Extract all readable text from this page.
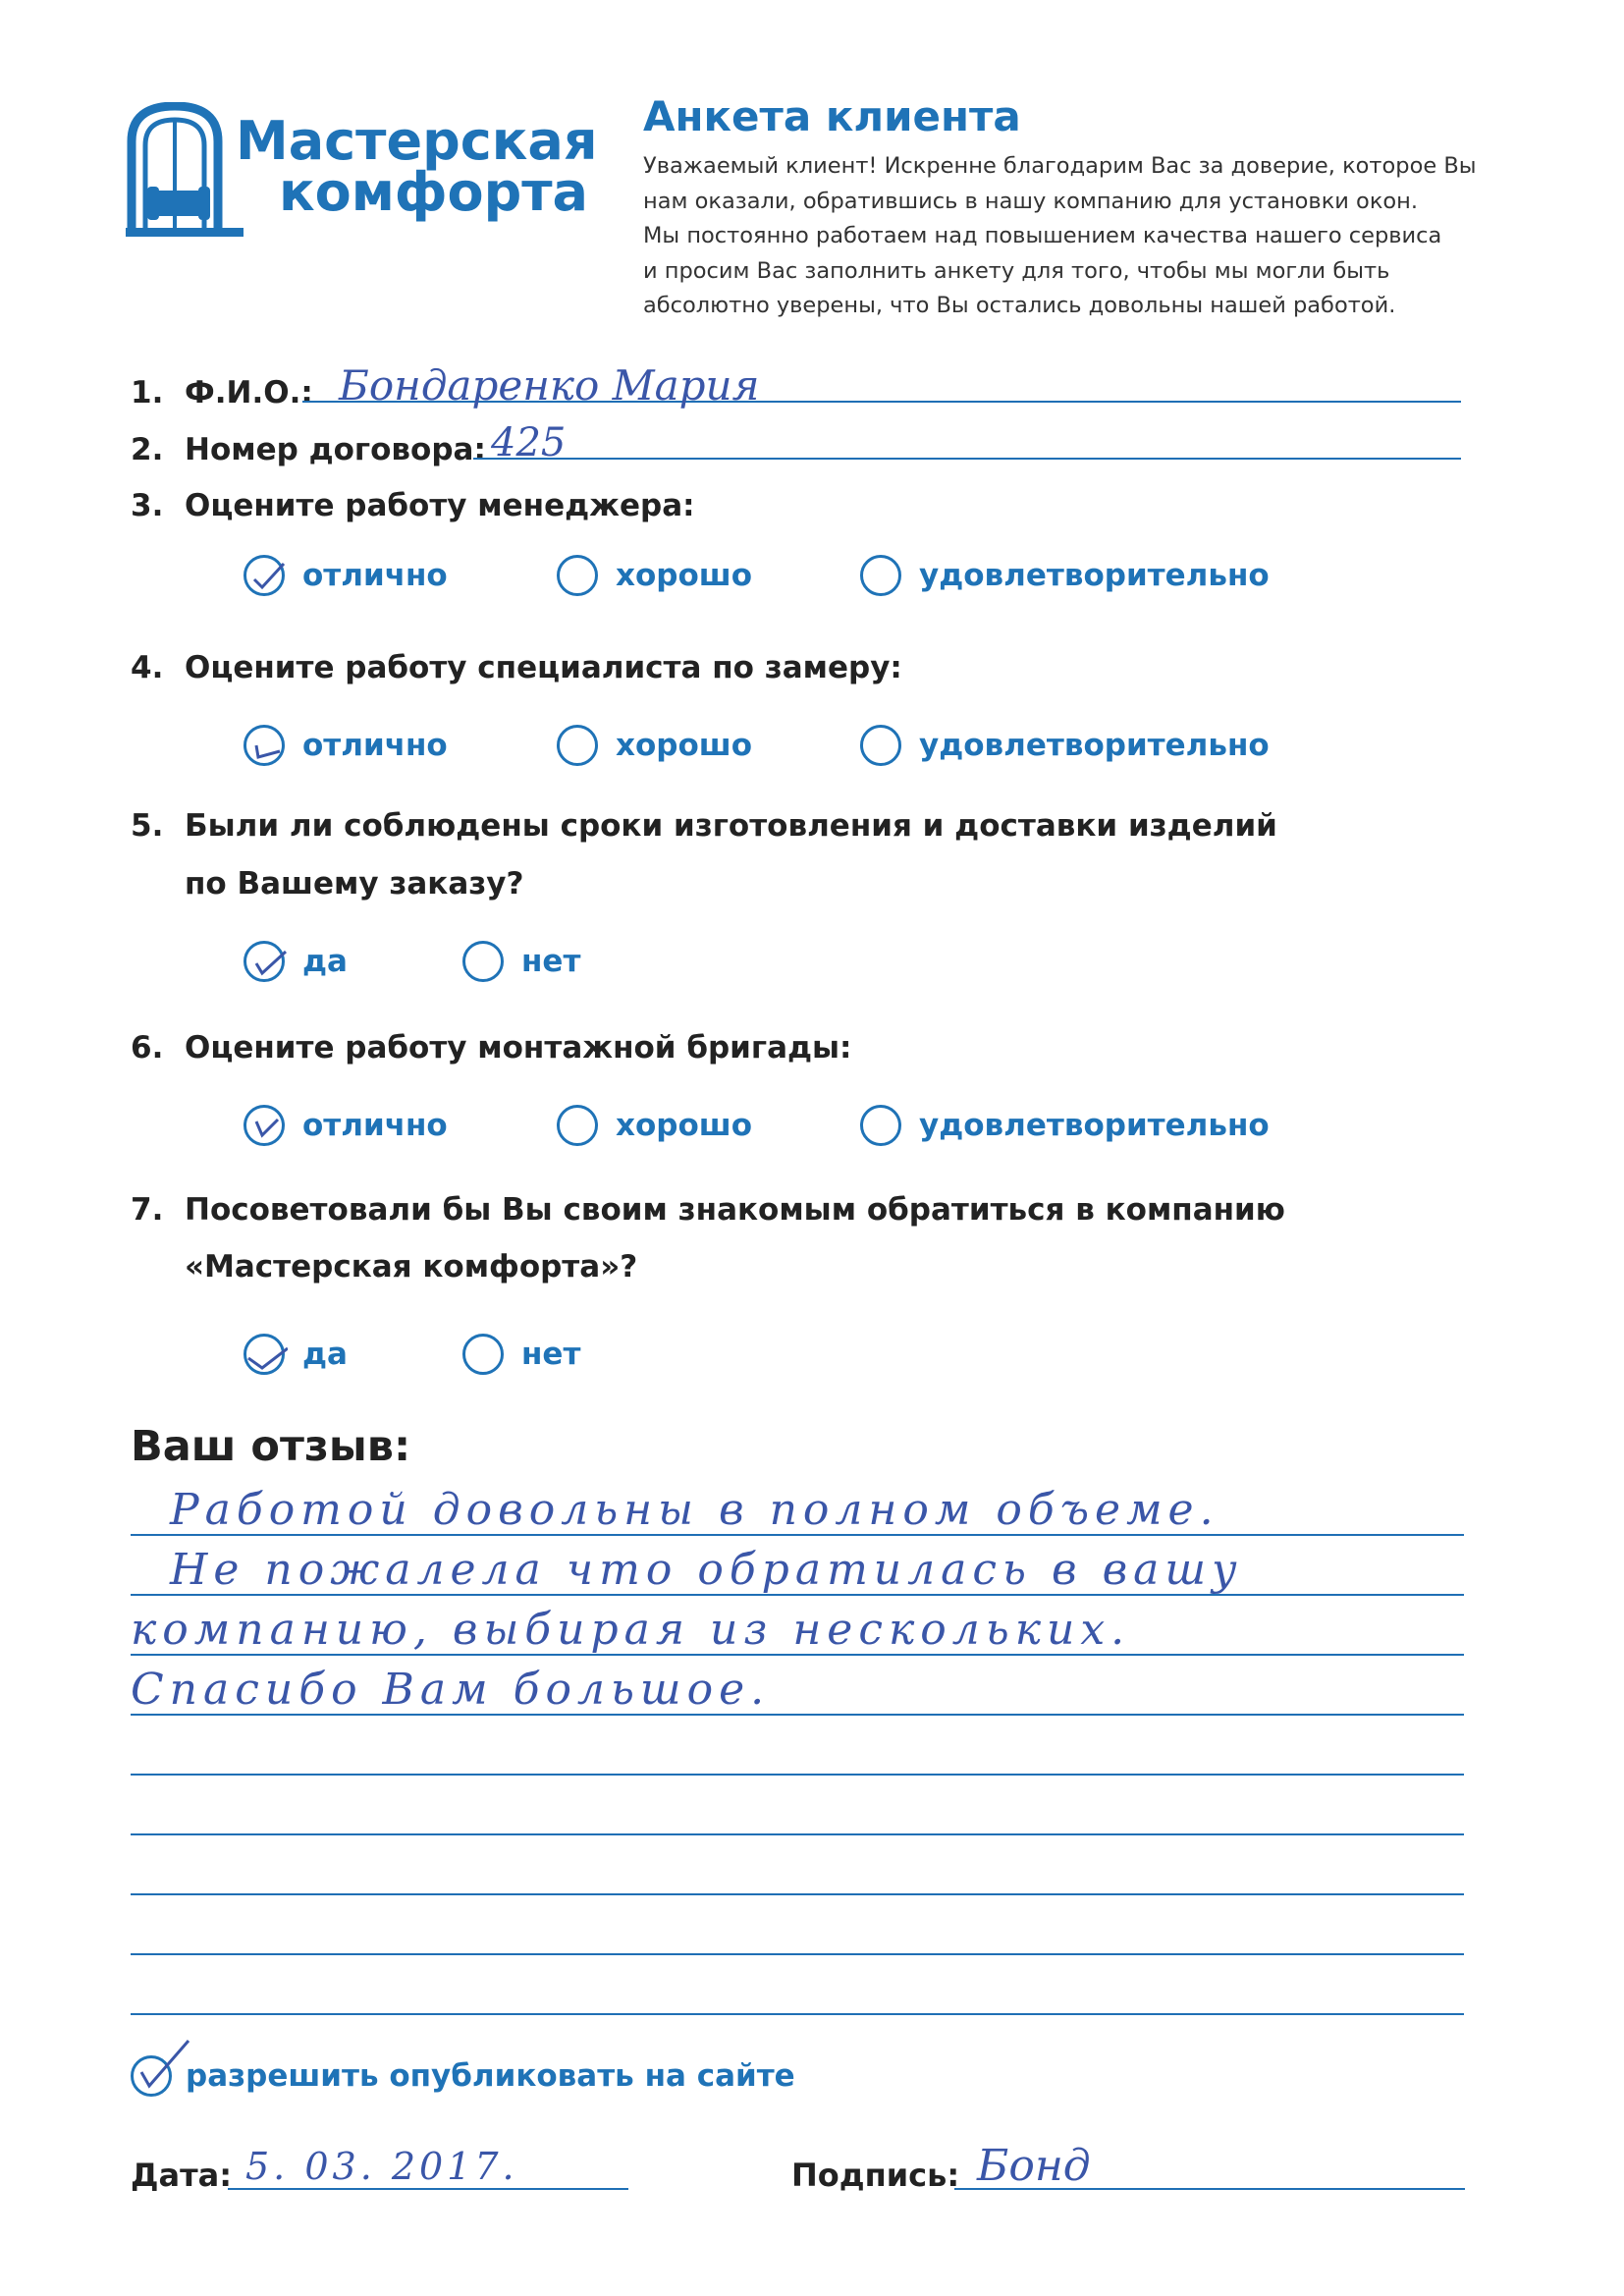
Мастерская
комфорта
Анкета клиента
Уважаемый клиент! Искренне благодарим Вас за доверие, которое Вы
нам оказали, обратившись в нашу компанию для установки окон.
Мы постоянно работаем над повышением качества нашего сервиса
и просим Вас заполнить анкету для того, чтобы мы могли быть
абсолютно уверены, что Вы остались довольны нашей работой.
1. Ф.И.О.: Бондаренко Мария
2. Номер договора: 425
3. Оцените работу менеджера:
отлично	хорошо	удовлетворительно
4. Оцените работу специалиста по замеру:
отлично	хорошо	удовлетворительно
5. Были ли соблюдены сроки изготовления и доставки изделий
по Вашему заказу?
да	нет
6. Оцените работу монтажной бригады:
отлично	хорошо	удовлетворительно
7. Посоветовали бы Вы своим знакомым обратиться в компанию
«Мастерская комфорта»?
да	нет
Ваш отзыв:
Работой довольны в полном объеме.
Не пожалела что обратилась в вашу
компанию, выбирая из нескольких.
Спасибо Вам большое.
разрешить опубликовать на сайте
Дата: 5. 03. 2017.	Подпись: Бонд
